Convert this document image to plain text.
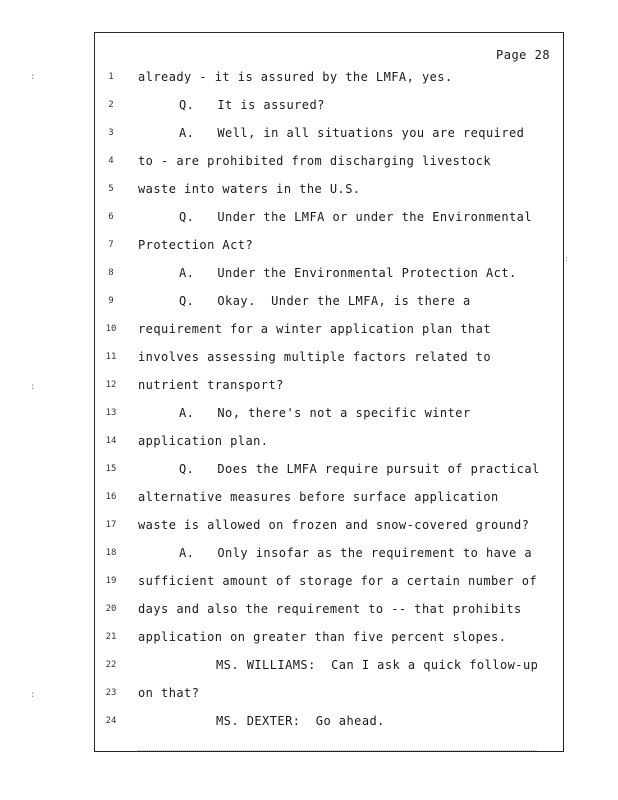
:
:
:
:
Page 28
1
2
3
4
5
6
7
8
9
10
11
12
13
14
15
16
17
18
19
20
21
22
23
24
already - it is assured by the LMFA, yes.
Q.   It is assured?
A.   Well, in all situations you are required
to - are prohibited from discharging livestock
waste into waters in the U.S.
Q.   Under the LMFA or under the Environmental
Protection Act?
A.   Under the Environmental Protection Act.
Q.   Okay.  Under the LMFA, is there a
requirement for a winter application plan that
involves assessing multiple factors related to
nutrient transport?
A.   No, there's not a specific winter
application plan.
Q.   Does the LMFA require pursuit of practical
alternative measures before surface application
waste is allowed on frozen and snow-covered ground?
A.   Only insofar as the requirement to have a
sufficient amount of storage for a certain number of
days and also the requirement to -- that prohibits
application on greater than five percent slopes.
MS. WILLIAMS:  Can I ask a quick follow-up
on that?
MS. DEXTER:  Go ahead.
